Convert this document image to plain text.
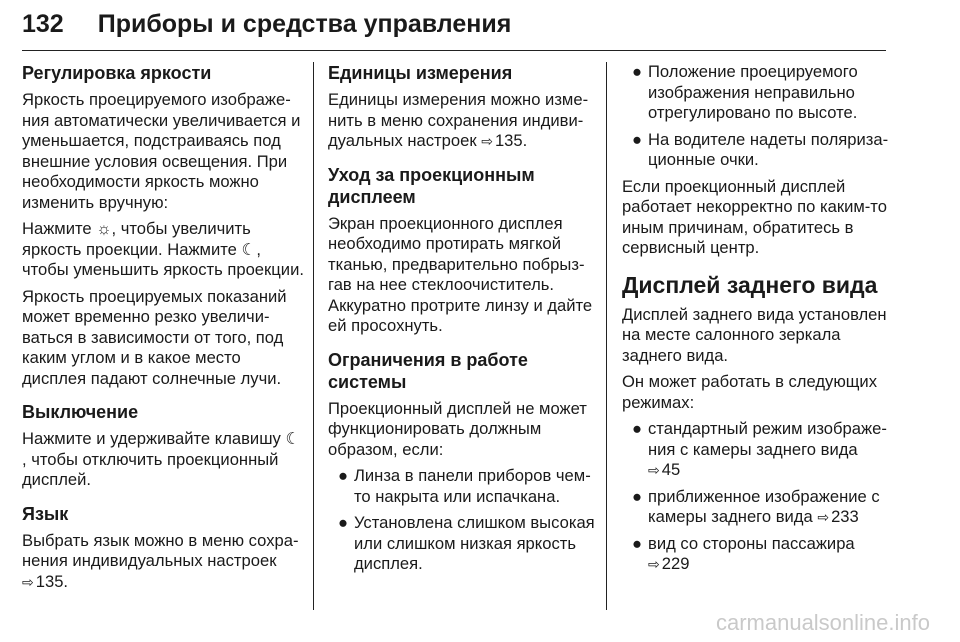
132 Приборы и средства управления
Регулировка яркости

Яркость проецируемого изображения автоматически увеличивается и уменьшается, подстраиваясь под внешние условия освещения. При необходимости яркость можно изменить вручную:

Нажмите ☼, чтобы увеличить яркость проекции. Нажмите ☾, чтобы уменьшить яркость проекции.

Яркость проецируемых показаний может временно резко увеличиваться в зависимости от того, под каким углом и в какое место дисплея падают солнечные лучи.

Выключение

Нажмите и удерживайте клавишу ☾, чтобы отключить проекционный дисплей.

Язык

Выбрать язык можно в меню сохранения индивидуальных настроек ⇨ 135.

Единицы измерения

Единицы измерения можно изменить в меню сохранения индивидуальных настроек ⇨ 135.

Уход за проекционным дисплеем

Экран проекционного дисплея необходимо протирать мягкой тканью, предварительно побрызгав на нее стеклоочиститель. Аккуратно протрите линзу и дайте ей просохнуть.

Ограничения в работе системы

Проекционный дисплей не может функционировать должным образом, если:

● Линза в панели приборов чем-то накрыта или испачкана.
● Установлена слишком высокая или слишком низкая яркость дисплея.
● Положение проецируемого изображения неправильно отрегулировано по высоте.
● На водителе надеты поляризационные очки.

Если проекционный дисплей работает некорректно по каким-то иным причинам, обратитесь в сервисный центр.

Дисплей заднего вида

Дисплей заднего вида установлен на месте салонного зеркала заднего вида.

Он может работать в следующих режимах:

● стандартный режим изображения с камеры заднего вида ⇨ 45
● приближенное изображение с камеры заднего вида ⇨ 233
● вид со стороны пассажира ⇨ 229
carmanualsonline.info
